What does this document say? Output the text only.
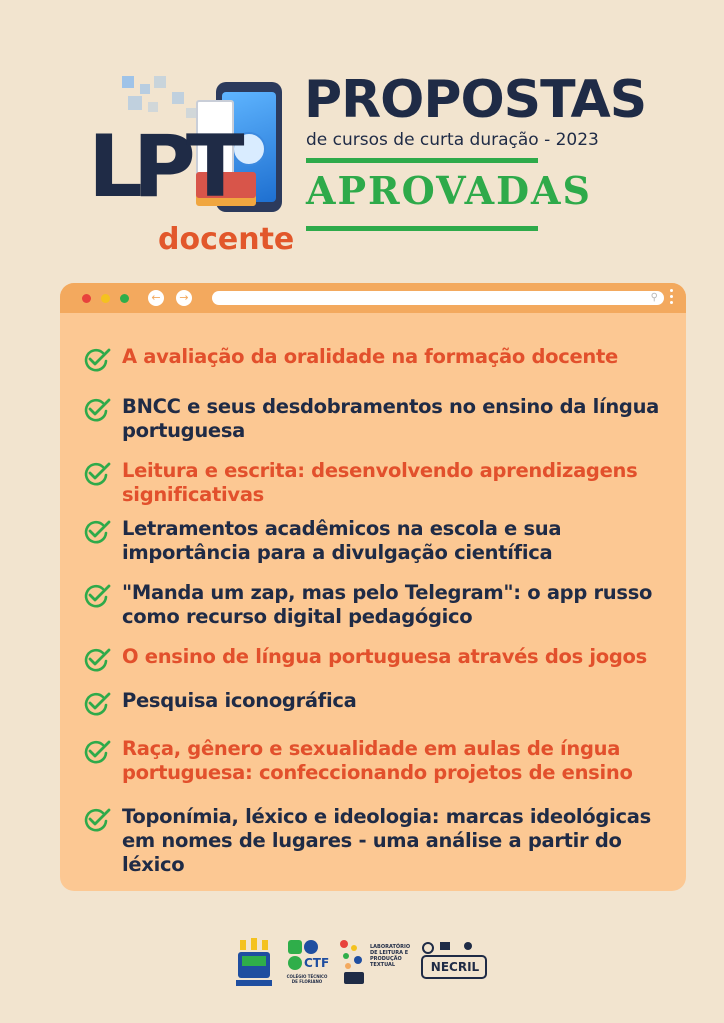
LPT
docente
PROPOSTAS
de cursos de curta duração - 2023
APROVADAS
←	→	⚲
A avaliação da oralidade na formação docente
BNCC e seus desdobramentos no ensino da língua portuguesa
Leitura e escrita: desenvolvendo aprendizagens significativas
Letramentos acadêmicos na escola e sua importância para a divulgação científica
"Manda um zap, mas pelo Telegram": o app russo como recurso digital pedagógico
O ensino de língua portuguesa através dos jogos
Pesquisa iconográfica
Raça, gênero e sexualidade em aulas de íngua portuguesa: confeccionando projetos de ensino
Toponímia, léxico e ideologia: marcas ideológicas em nomes de lugares - uma análise a partir do léxico
CTF
COLÉGIO TÉCNICO DE FLORIANO
LABORATÓRIO DE LEITURA E PRODUÇÃO TEXTUAL	NECRIL
